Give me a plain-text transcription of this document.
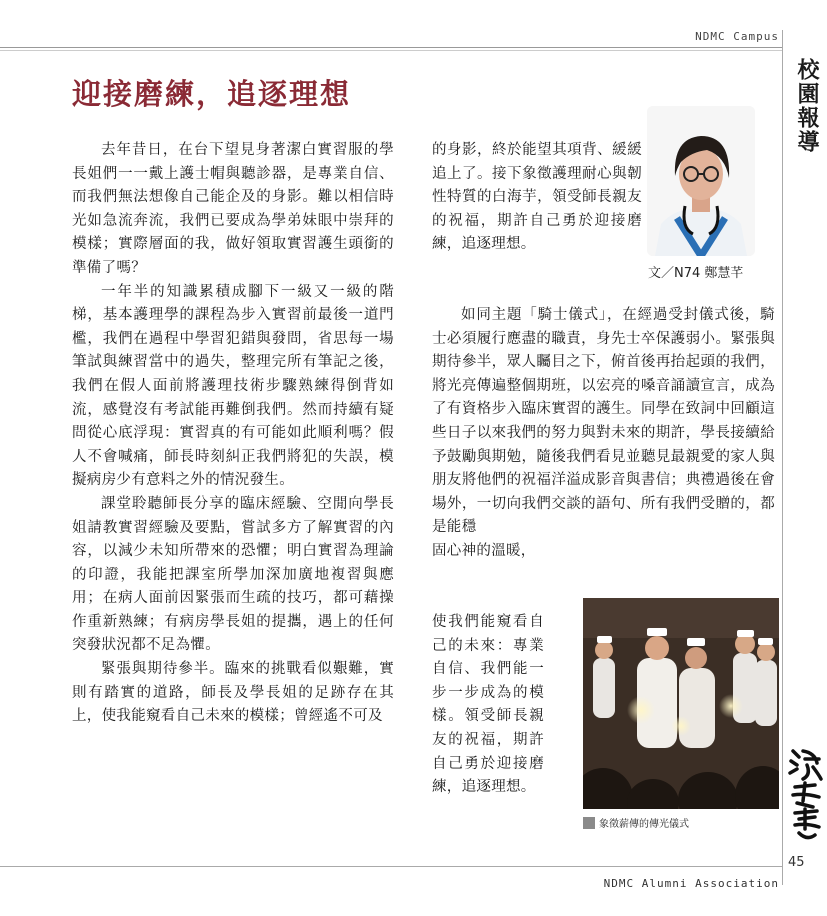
NDMC Campus
校園報導
迎接磨練，追逐理想

去年昔日，在台下望見身著潔白實習服的學長姐們一一戴上護士帽與聽診器，是專業自信、而我們無法想像自己能企及的身影。難以相信時光如急流奔流，我們已要成為學弟妹眼中崇拜的模樣；實際層面的我，做好領取實習護生頭銜的準備了嗎？

一年半的知識累積成腳下一級又一級的階梯，基本護理學的課程為步入實習前最後一道門檻，我們在過程中學習犯錯與發問，省思每一場筆試與練習當中的過失，整理完所有筆記之後，我們在假人面前將護理技術步驟熟練得倒背如流，感覺沒有考試能再難倒我們。然而持續有疑問從心底浮現：實習真的有可能如此順利嗎？假人不會喊痛，師長時刻糾正我們將犯的失誤，模擬病房少有意料之外的情況發生。

課堂聆聽師長分享的臨床經驗、空閒向學長姐請教實習經驗及要點，嘗試多方了解實習的內容，以減少未知所帶來的恐懼；明白實習為理論的印證，我能把課室所學加深加廣地複習與應用；在病人面前因緊張而生疏的技巧，都可藉操作重新熟練；有病房學長姐的提攜，遇上的任何突發狀況都不足為懼。

緊張與期待參半。臨來的挑戰看似艱難，實則有踏實的道路，師長及學長姐的足跡存在其上，使我能窺看自己未來的模樣；曾經遙不可及

的身影，終於能望其項背、緩緩追上了。接下象徵護理耐心與韌性特質的白海芋，領受師長親友的祝福，期許自己勇於迎接磨練，追逐理想。

文／N74 鄭慧芊

如同主題「騎士儀式」，在經過受封儀式後，騎士必須履行應盡的職責，身先士卒保護弱小。緊張與期待參半，眾人矚目之下，俯首後再抬起頭的我們，將光亮傳遍整個期班，以宏亮的嗓音誦讀宣言，成為了有資格步入臨床實習的護生。同學在致詞中回顧這些日子以來我們的努力與對未來的期許，學長接續給予鼓勵與期勉，隨後我們看見並聽見最親愛的家人與朋友將他們的祝福洋溢成影音與書信；典禮過後在會場外，一切向我們交談的語句、所有我們受贈的，都是能穩

固心神的溫暖，

使我們能窺看自己的未來：專業自信、我們能一步一步成為的模樣。領受師長親友的祝福，期許自己勇於迎接磨練，追逐理想。

象徵薪傳的傳光儀式
45
NDMC Alumni Association
